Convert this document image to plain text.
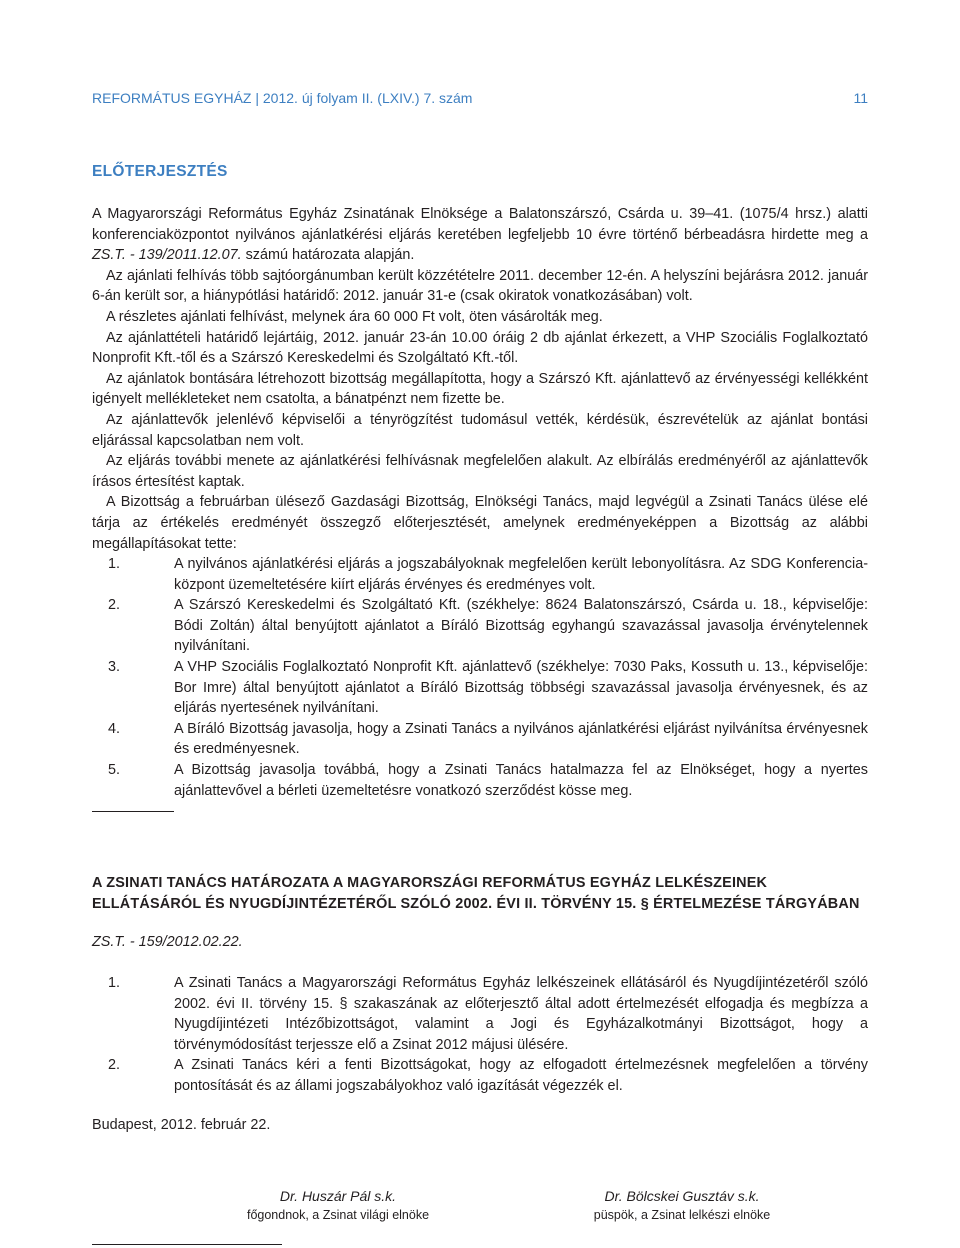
REFORMÁTUS EGYHÁZ | 2012. új folyam II. (LXIV.) 7. szám	11
ELŐTERJESZTÉS

A Magyarországi Református Egyház Zsinatának Elnöksége a Balatonszárszó, Csárda u. 39–41. (1075/4 hrsz.) alatti konferenciaközpontot nyilvános ajánlatkérési eljárás keretében legfeljebb 10 évre történő bérbeadásra hirdette meg a ZS.T. - 139/2011.12.07. számú határozata alapján.

Az ajánlati felhívás több sajtóorgánumban került közzétételre 2011. december 12-én. A helyszíni bejárásra 2012. január 6-án került sor, a hiánypótlási határidő: 2012. január 31-e (csak okiratok vonatkozásában) volt.

A részletes ajánlati felhívást, melynek ára 60 000 Ft volt, öten vásárolták meg.

Az ajánlattételi határidő lejártáig, 2012. január 23-án 10.00 óráig 2 db ajánlat érkezett, a VHP Szociális Foglalkoztató Nonprofit Kft.-től és a Szárszó Kereskedelmi és Szolgáltató Kft.-től.

Az ajánlatok bontására létrehozott bizottság megállapította, hogy a Szárszó Kft. ajánlattevő az érvényességi kellékként igényelt mellékleteket nem csatolta, a bánatpénzt nem fizette be.

Az ajánlattevők jelenlévő képviselői a tényrögzítést tudomásul vették, kérdésük, észrevételük az ajánlat bontási eljárással kapcsolatban nem volt.

Az eljárás további menete az ajánlatkérési felhívásnak megfelelően alakult. Az elbírálás eredményéről az ajánlattevők írásos értesítést kaptak.

A Bizottság a februárban ülésező Gazdasági Bizottság, Elnökségi Tanács, majd legvégül a Zsinati Tanács ülése elé tárja az értékelés eredményét összegző előterjesztését, amelynek eredményeképpen a Bizottság az alábbi megállapításokat tette:

1.	A nyilvános ajánlatkérési eljárás a jogszabályoknak megfelelően került lebonyolításra. Az SDG Konferencia-központ üzemeltetésére kiírt eljárás érvényes és eredményes volt.
2.	A Szárszó Kereskedelmi és Szolgáltató Kft. (székhelye: 8624 Balatonszárszó, Csárda u. 18., képviselője: Bódi Zoltán) által benyújtott ajánlatot a Bíráló Bizottság egyhangú szavazással javasolja érvénytelennek nyilvánítani.
3.	A VHP Szociális Foglalkoztató Nonprofit Kft. ajánlattevő (székhelye: 7030 Paks, Kossuth u. 13., képviselője: Bor Imre) által benyújtott ajánlatot a Bíráló Bizottság többségi szavazással javasolja érvényesnek, és az eljárás nyertesének nyilvánítani.
4.	A Bíráló Bizottság javasolja, hogy a Zsinati Tanács a nyilvános ajánlatkérési eljárást nyilvánítsa érvényesnek és eredményesnek.
5.	A Bizottság javasolja továbbá, hogy a Zsinati Tanács hatalmazza fel az Elnökséget, hogy a nyertes ajánlattevővel a bérleti üzemeltetésre vonatkozó szerződést kösse meg.
A ZSINATI TANÁCS HATÁROZATA A MAGYARORSZÁGI REFORMÁTUS EGYHÁZ LELKÉSZEINEK ELLÁTÁSÁRÓL ÉS NYUGDÍJINTÉZETÉRŐL SZÓLÓ 2002. ÉVI II. TÖRVÉNY 15. § ÉRTELMEZÉSE TÁRGYÁBAN
ZS.T. - 159/2012.02.22.
1.	A Zsinati Tanács a Magyarországi Református Egyház lelkészeinek ellátásáról és Nyugdíjintézetéről szóló 2002. évi II. törvény 15. § szakaszának az előterjesztő által adott értelmezését elfogadja és megbízza a Nyugdíjintézeti Intézőbizottságot, valamint a Jogi és Egyházalkotmányi Bizottságot, hogy a törvénymódosítást terjessze elő a Zsinat 2012 májusi ülésére.
2.	A Zsinati Tanács kéri a fenti Bizottságokat, hogy az elfogadott értelmezésnek megfelelően a törvény pontosítását és az állami jogszabályokhoz való igazítását végezzék el.
Budapest, 2012. február 22.
Dr. Huszár Pál s.k.
főgondnok, a Zsinat világi elnöke
Dr. Bölcskei Gusztáv s.k.
püspök, a Zsinat lelkészi elnöke
